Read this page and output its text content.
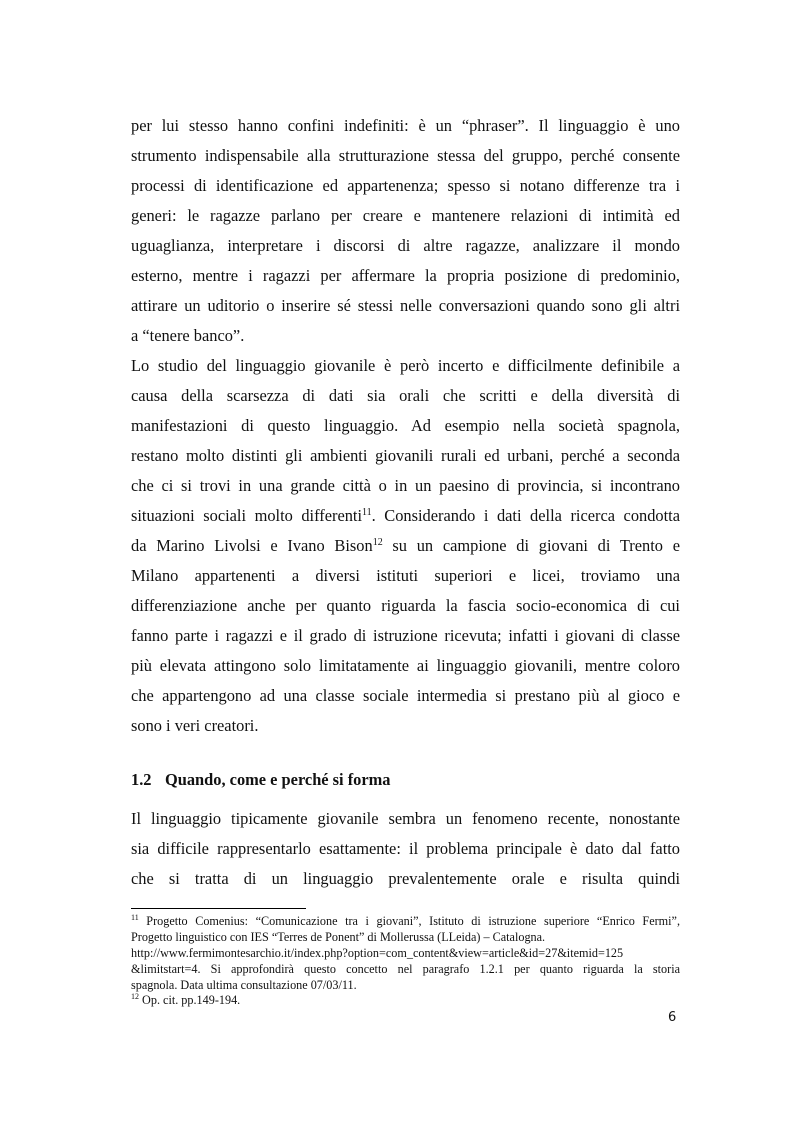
per lui stesso hanno confini indefiniti: è un “phraser”. Il linguaggio è uno
strumento indispensabile alla strutturazione stessa del gruppo, perché consente
processi di identificazione ed appartenenza; spesso si notano differenze tra i
generi: le ragazze parlano per creare e mantenere relazioni di intimità ed
uguaglianza, interpretare i discorsi di altre ragazze, analizzare il mondo
esterno, mentre i ragazzi per affermare la propria posizione di predominio,
attirare un uditorio o inserire sé stessi nelle conversazioni quando sono gli altri
a “tenere banco”.
Lo studio del linguaggio giovanile è però incerto e difficilmente definibile a
causa della scarsezza di dati sia orali che scritti e della diversità di
manifestazioni di questo linguaggio. Ad esempio nella società spagnola,
restano molto distinti gli ambienti giovanili rurali ed urbani, perché a seconda
che ci si trovi in una grande città o in un paesino di provincia, si incontrano
situazioni sociali molto differenti$^{11}$. Considerando i dati della ricerca condotta
da Marino Livolsi e Ivano Bison$^{12}$ su un campione di giovani di Trento e
Milano appartenenti a diversi istituti superiori e licei, troviamo una
differenziazione anche per quanto riguarda la fascia socio-economica di cui
fanno parte i ragazzi e il grado di istruzione ricevuta; infatti i giovani di classe
più elevata attingono solo limitatamente ai linguaggio giovanili, mentre coloro
che appartengono ad una classe sociale intermedia si prestano più al gioco e
sono i veri creatori.
1.2 Quando, come e perché si forma
Il linguaggio tipicamente giovanile sembra un fenomeno recente, nonostante
sia difficile rappresentarlo esattamente: il problema principale è dato dal fatto
che si tratta di un linguaggio prevalentemente orale e risulta quindi
$^{11}$ Progetto Comenius: “Comunicazione tra i giovani”, Istituto di istruzione superiore “Enrico Fermi”,
Progetto linguistico con IES “Terres de Ponent” di Mollerussa (LLeida) – Catalogna.
http://www.fermimontesarchio.it/index.php?option=com_content&view=article&id=27&itemid=125
&limitstart=4. Si approfondirà questo concetto nel paragrafo 1.2.1 per quanto riguarda la storia
spagnola. Data ultima consultazione 07/03/11.
$^{12}$ Op. cit. pp.149-194.
6
